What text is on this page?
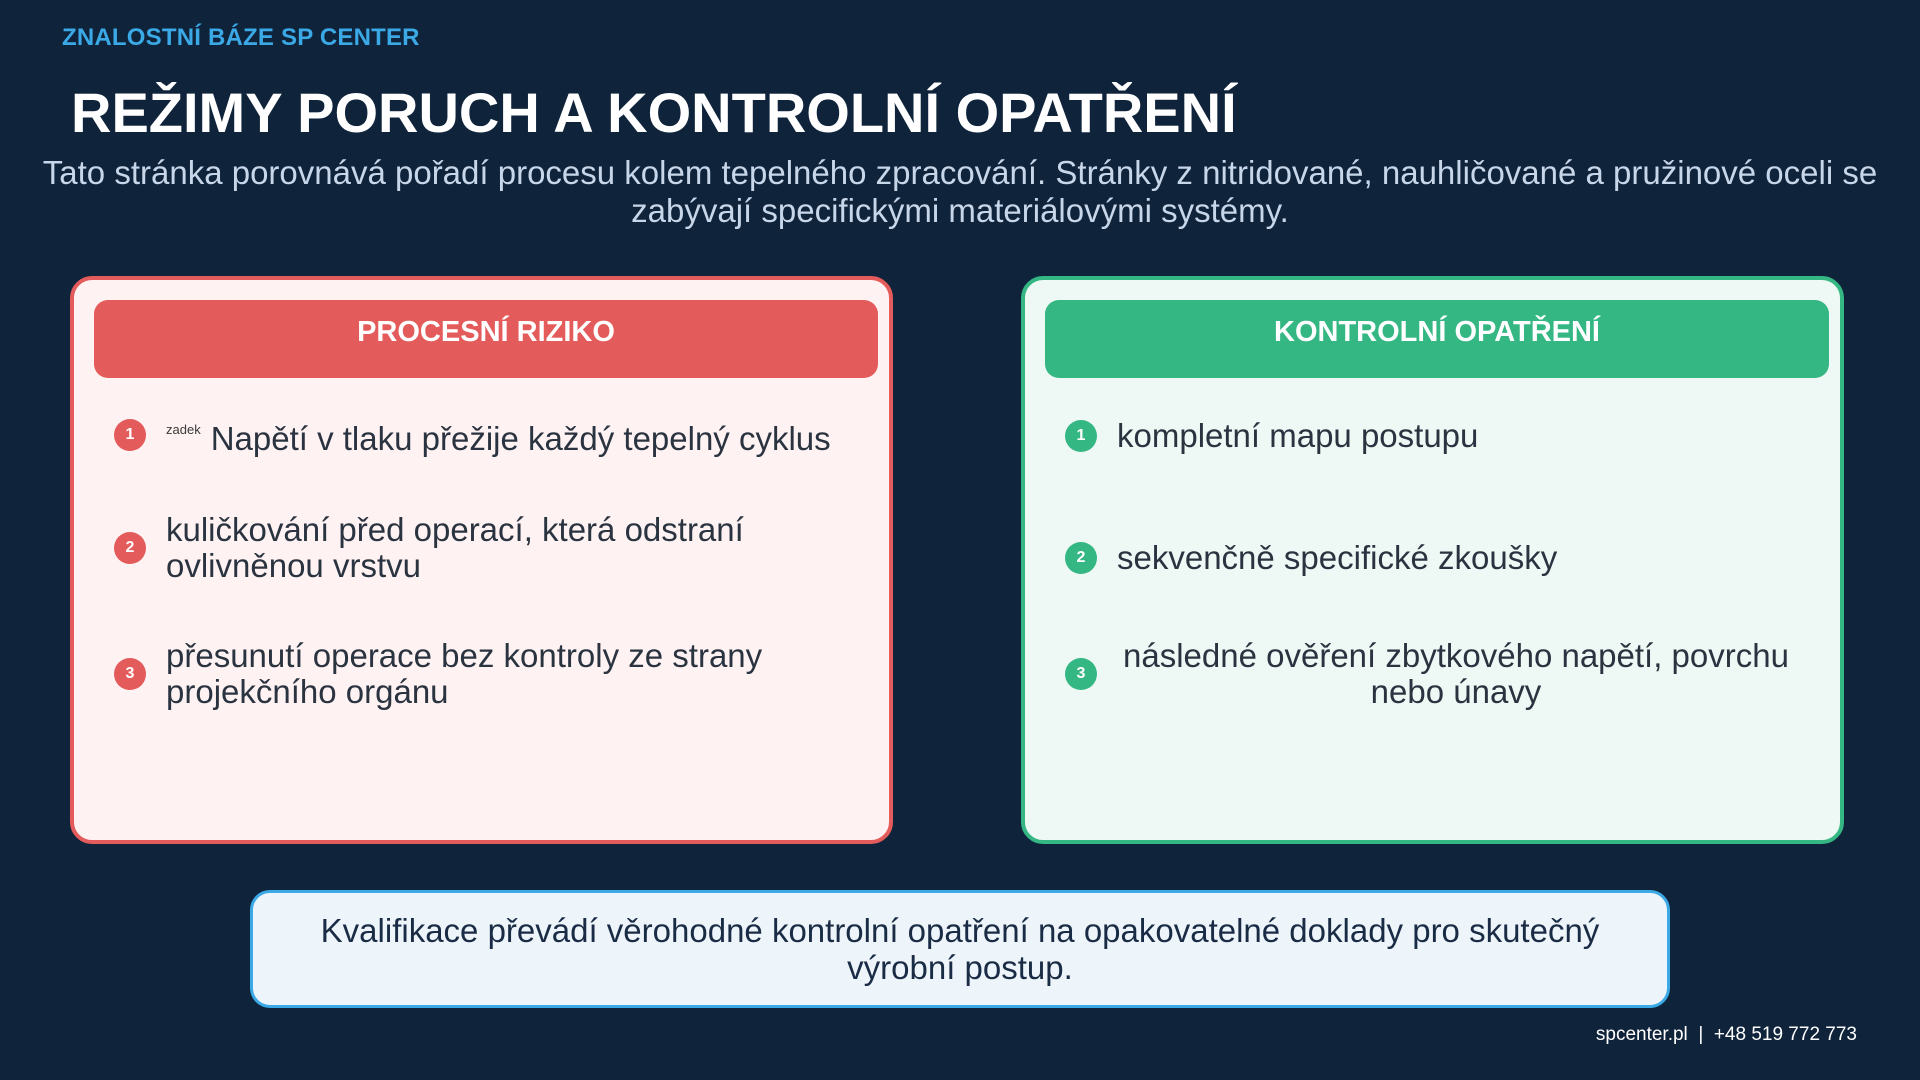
ZNALOSTNÍ BÁZE SP CENTER
REŽIMY PORUCH A KONTROLNÍ OPATŘENÍ
Tato stránka porovnává pořadí procesu kolem tepelného zpracování. Stránky z nitridované, nauhličované a pružinové oceli se zabývají specifickými materiálovými systémy.
PROCESNÍ RIZIKO
1	$^{zadek}$ Napětí v tlaku přežije každý tepelný cyklus
2 kuličkování před operací, která odstraní ovlivněnou vrstvu
3 přesunutí operace bez kontroly ze strany projekčního orgánu
KONTROLNÍ OPATŘENÍ
1 kompletní mapu postupu
2 sekvenčně specifické zkoušky
3	následné ověření zbytkového napětí, povrchu nebo únavy
Kvalifikace převádí věrohodné kontrolní opatření na opakovatelné doklady pro skutečný výrobní postup.
spcenter.pl  |  +48 519 772 773
